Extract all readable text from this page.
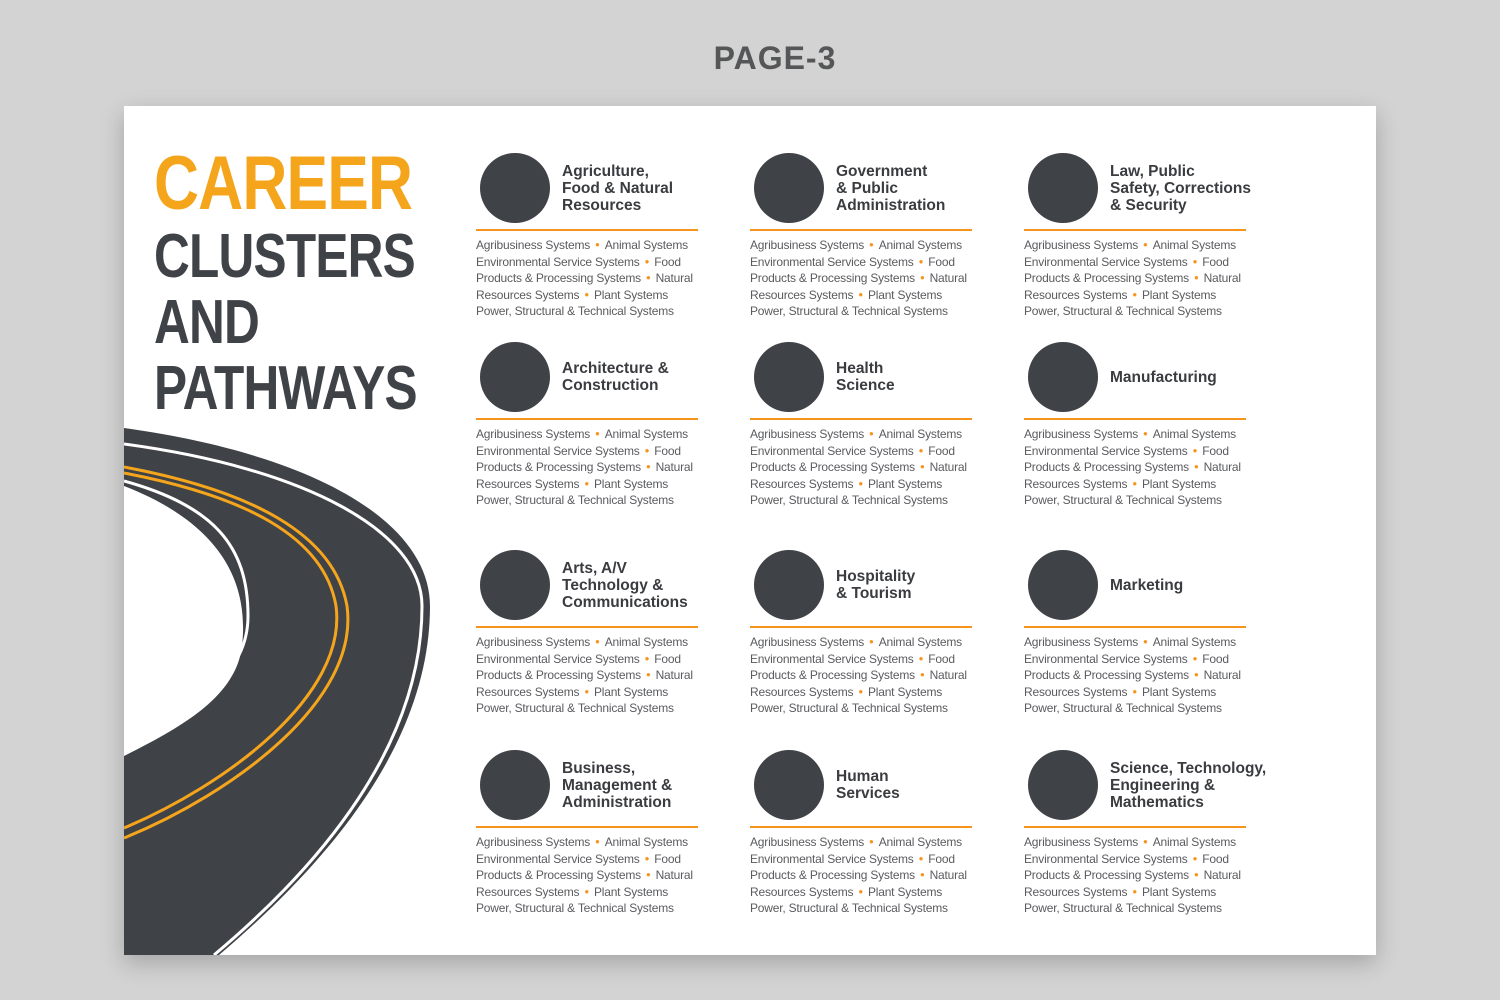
PAGE-3
CAREER
CLUSTERS
AND
PATHWAYS
Agriculture,
Food & Natural
Resources
Agribusiness Systems ● Animal Systems
Environmental Service Systems ● Food
Products & Processing Systems ● Natural
Resources Systems ● Plant Systems
Power, Structural & Technical Systems
Government
& Public
Administration
Agribusiness Systems ● Animal Systems
Environmental Service Systems ● Food
Products & Processing Systems ● Natural
Resources Systems ● Plant Systems
Power, Structural & Technical Systems
Law, Public
Safety, Corrections
& Security
Agribusiness Systems ● Animal Systems
Environmental Service Systems ● Food
Products & Processing Systems ● Natural
Resources Systems ● Plant Systems
Power, Structural & Technical Systems
Architecture &
Construction
Agribusiness Systems ● Animal Systems
Environmental Service Systems ● Food
Products & Processing Systems ● Natural
Resources Systems ● Plant Systems
Power, Structural & Technical Systems
Health
Science
Agribusiness Systems ● Animal Systems
Environmental Service Systems ● Food
Products & Processing Systems ● Natural
Resources Systems ● Plant Systems
Power, Structural & Technical Systems
Manufacturing
Agribusiness Systems ● Animal Systems
Environmental Service Systems ● Food
Products & Processing Systems ● Natural
Resources Systems ● Plant Systems
Power, Structural & Technical Systems
Arts, A/V
Technology &
Communications
Agribusiness Systems ● Animal Systems
Environmental Service Systems ● Food
Products & Processing Systems ● Natural
Resources Systems ● Plant Systems
Power, Structural & Technical Systems
Hospitality
& Tourism
Agribusiness Systems ● Animal Systems
Environmental Service Systems ● Food
Products & Processing Systems ● Natural
Resources Systems ● Plant Systems
Power, Structural & Technical Systems
Marketing
Agribusiness Systems ● Animal Systems
Environmental Service Systems ● Food
Products & Processing Systems ● Natural
Resources Systems ● Plant Systems
Power, Structural & Technical Systems
Business,
Management &
Administration
Agribusiness Systems ● Animal Systems
Environmental Service Systems ● Food
Products & Processing Systems ● Natural
Resources Systems ● Plant Systems
Power, Structural & Technical Systems
Human
Services
Agribusiness Systems ● Animal Systems
Environmental Service Systems ● Food
Products & Processing Systems ● Natural
Resources Systems ● Plant Systems
Power, Structural & Technical Systems
Science, Technology,
Engineering &
Mathematics
Agribusiness Systems ● Animal Systems
Environmental Service Systems ● Food
Products & Processing Systems ● Natural
Resources Systems ● Plant Systems
Power, Structural & Technical Systems
